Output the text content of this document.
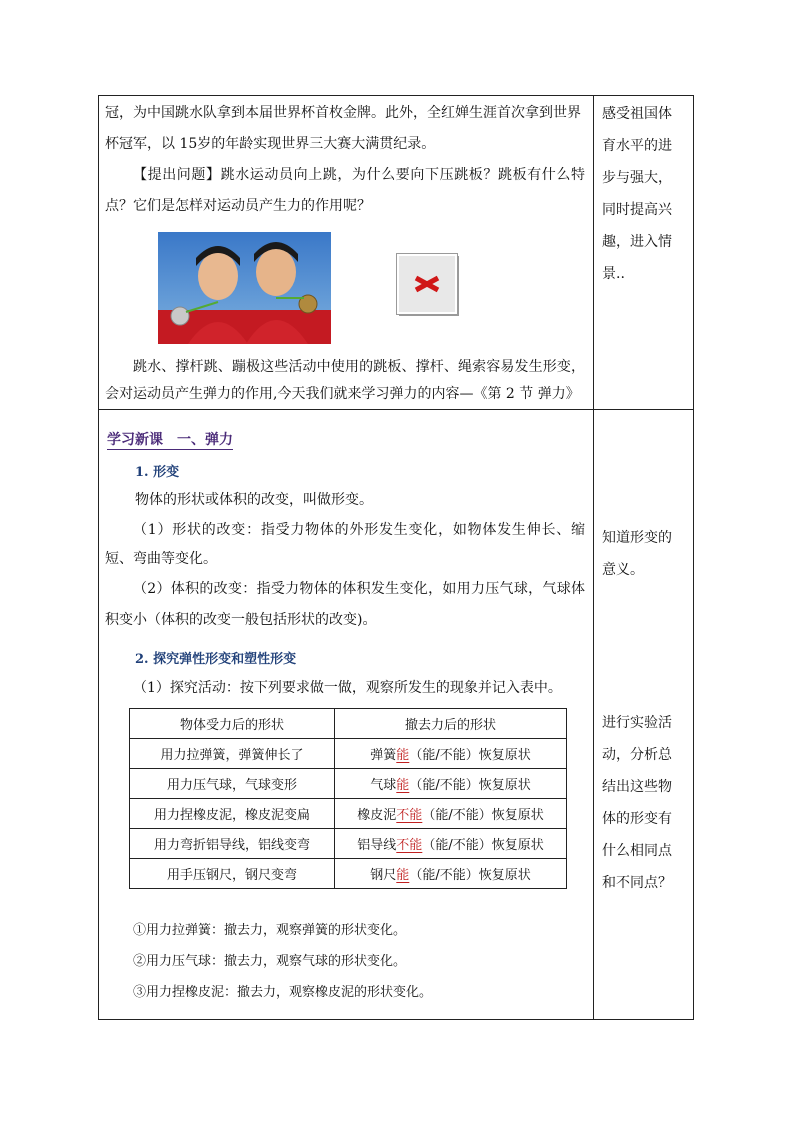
冠，为中国跳水队拿到本届世界杯首枚金牌。此外，全红婵生涯首次拿到世界

杯冠军，以 15岁的年龄实现世界三大赛大满贯纪录。

【提出问题】跳水运动员向上跳，为什么要向下压跳板？跳板有什么特点？它们是怎样对运动员产生力的作用呢？

跳水、撑杆跳、蹦极这些活动中使用的跳板、撑杆、绳索容易发生形变，会对运动员产生弹力的作用,今天我们就来学习弹力的内容—《第 2 节 弹力》

感受祖国体育水平的进步与强大，同时提高兴趣，进入情景..
学习新课　一、弹力
1. 形变

物体的形状或体积的改变，叫做形变。

（1）形状的改变：指受力物体的外形发生变化，如物体发生伸长、缩短、弯曲等变化。

（2）体积的改变：指受力物体的体积发生变化，如用力压气球，气球体积变小（体积的改变一般包括形状的改变)。

2. 探究弹性形变和塑性形变

（1）探究活动：按下列要求做一做，观察所发生的现象并记入表中。

物体受力后的形状	撤去力后的形状
用力拉弹簧，弹簧伸长了	弹簧能（能/不能）恢复原状
用力压气球，气球变形	气球能（能/不能）恢复原状
用力捏橡皮泥，橡皮泥变扁	橡皮泥不能（能/不能）恢复原状
用力弯折铝导线，铝线变弯	铝导线不能（能/不能）恢复原状
用手压钢尺，钢尺变弯	钢尺能（能/不能）恢复原状
①用力拉弹簧：撤去力，观察弹簧的形状变化。
②用力压气球：撤去力，观察气球的形状变化。
③用力捏橡皮泥：撤去力，观察橡皮泥的形状变化。
知道形变的意义。
进行实验活动，分析总结出这些物体的形变有什么相同点和不同点？
